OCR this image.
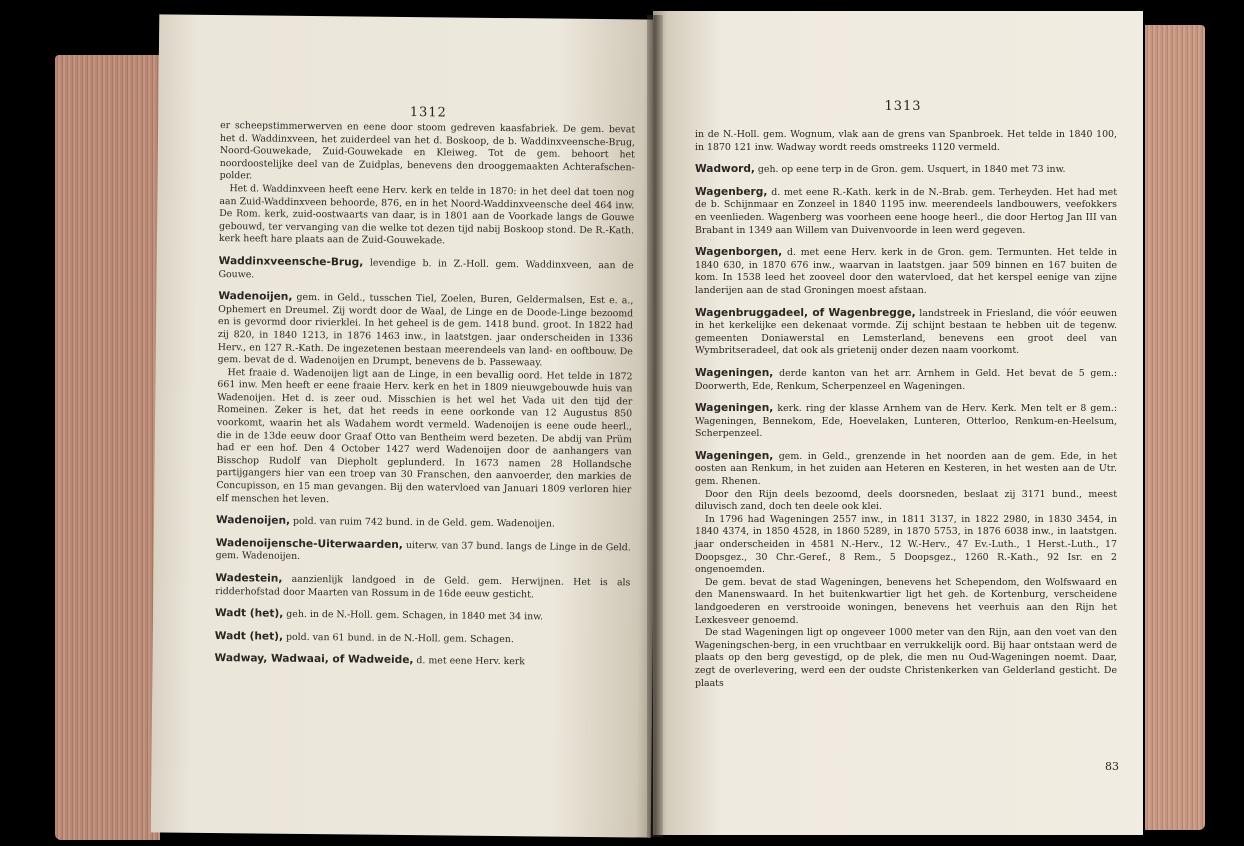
1312

er scheepstimmerwerven en eene door stoom gedreven kaasfabriek. De gem. bevat het d. Waddinxveen, het zuiderdeel van het d. Boskoop, de b. Waddinxveensche-Brug, Noord-Gouwekade, Zuid-Gouwekade en Kleiweg. Tot de gem. behoort het noordoostelijke deel van de Zuidplas, benevens den drooggemaakten Achterafschen-polder.

Het d. Waddinxveen heeft eene Herv. kerk en telde in 1870: in het deel dat toen nog aan Zuid-Waddinxveen behoorde, 876, en in het Noord-Waddinxveensche deel 464 inw. De Rom. kerk, zuid-oostwaarts van daar, is in 1801 aan de Voorkade langs de Gouwe gebouwd, ter vervanging van die welke tot dezen tijd nabij Boskoop stond. De R.-Kath. kerk heeft hare plaats aan de Zuid-Gouwekade.

Waddinxveensche-Brug, levendige b. in Z.-Holl. gem. Waddinxveen, aan de Gouwe.

Wadenoijen, gem. in Geld., tusschen Tiel, Zoelen, Buren, Geldermalsen, Est e. a., Ophemert en Dreumel. Zij wordt door de Waal, de Linge en de Doode-Linge bezoomd en is gevormd door rivierklei. In het geheel is de gem. 1418 bund. groot. In 1822 had zij 820, in 1840 1213, in 1876 1463 inw., in laatstgen. jaar onderscheiden in 1336 Herv., en 127 R.-Kath. De ingezetenen bestaan meerendeels van land- en ooftbouw. De gem. bevat de d. Wadenoijen en Drumpt, benevens de b. Passewaay.

Het fraaie d. Wadenoijen ligt aan de Linge, in een bevallig oord. Het telde in 1872 661 inw. Men heeft er eene fraaie Herv. kerk en het in 1809 nieuwgebouwde huis van Wadenoijen. Het d. is zeer oud. Misschien is het wel het Vada uit den tijd der Romeinen. Zeker is het, dat het reeds in eene oorkonde van 12 Augustus 850 voorkomt, waarin het als Wadahem wordt vermeld. Wadenoijen is eene oude heerl., die in de 13de eeuw door Graaf Otto van Bentheim werd bezeten. De abdij van Prüm had er een hof. Den 4 October 1427 werd Wadenoijen door de aanhangers van Bisschop Rudolf van Diepholt geplunderd. In 1673 namen 28 Hollandsche partijgangers hier van een troep van 30 Franschen, den aanvoerder, den markies de Concupisson, en 15 man gevangen. Bij den watervloed van Januari 1809 verloren hier elf menschen het leven.

Wadenoijen, pold. van ruim 742 bund. in de Geld. gem. Wadenoijen.

Wadenoijensche-Uiterwaarden, uiterw. van 37 bund. langs de Linge in de Geld. gem. Wadenoijen.

Wadestein, aanzienlijk landgoed in de Geld. gem. Herwijnen. Het is als ridderhofstad door Maarten van Rossum in de 16de eeuw gesticht.

Wadt (het), geh. in de N.-Holl. gem. Schagen, in 1840 met 34 inw.

Wadt (het), pold. van 61 bund. in de N.-Holl. gem. Schagen.

Wadway, Wadwaai, of Wadweide, d. met eene Herv. kerk

1313

in de N.-Holl. gem. Wognum, vlak aan de grens van Spanbroek. Het telde in 1840 100, in 1870 121 inw. Wadway wordt reeds omstreeks 1120 vermeld.

Wadword, geh. op eene terp in de Gron. gem. Usquert, in 1840 met 73 inw.

Wagenberg, d. met eene R.-Kath. kerk in de N.-Brab. gem. Terheyden. Het had met de b. Schijnmaar en Zonzeel in 1840 1195 inw. meerendeels landbouwers, veefokkers en veenlieden. Wagenberg was voorheen eene hooge heerl., die door Hertog Jan III van Brabant in 1349 aan Willem van Duivenvoorde in leen werd gegeven.

Wagenborgen, d. met eene Herv. kerk in de Gron. gem. Termunten. Het telde in 1840 630, in 1870 676 inw., waarvan in laatstgen. jaar 509 binnen en 167 buiten de kom. In 1538 leed het zooveel door den watervloed, dat het kerspel eenige van zijne landerijen aan de stad Groningen moest afstaan.

Wagenbruggadeel, of Wagenbregge, landstreek in Friesland, die vóór eeuwen in het kerkelijke een dekenaat vormde. Zij schijnt bestaan te hebben uit de tegenw. gemeenten Doniawerstal en Lemsterland, benevens een groot deel van Wymbritseradeel, dat ook als grietenij onder dezen naam voorkomt.

Wageningen, derde kanton van het arr. Arnhem in Geld. Het bevat de 5 gem.: Doorwerth, Ede, Renkum, Scherpenzeel en Wageningen.

Wageningen, kerk. ring der klasse Arnhem van de Herv. Kerk. Men telt er 8 gem.: Wageningen, Bennekom, Ede, Hoevelaken, Lunteren, Otterloo, Renkum-en-Heelsum, Scherpenzeel.

Wageningen, gem. in Geld., grenzende in het noorden aan de gem. Ede, in het oosten aan Renkum, in het zuiden aan Heteren en Kesteren, in het westen aan de Utr. gem. Rhenen.

Door den Rijn deels bezoomd, deels doorsneden, beslaat zij 3171 bund., meest diluvisch zand, doch ten deele ook klei.

In 1796 had Wageningen 2557 inw., in 1811 3137, in 1822 2980, in 1830 3454, in 1840 4374, in 1850 4528, in 1860 5289, in 1870 5753, in 1876 6038 inw., in laatstgen. jaar onderscheiden in 4581 N.-Herv., 12 W.-Herv., 47 Ev.-Luth., 1 Herst.-Luth., 17 Doopsgez., 30 Chr.-Geref., 8 Rem., 5 Doopsgez., 1260 R.-Kath., 92 Isr. en 2 ongenoemden.

De gem. bevat de stad Wageningen, benevens het Schependom, den Wolfswaard en den Manenswaard. In het buitenkwartier ligt het geh. de Kortenburg, verscheidene landgoederen en verstrooide woningen, benevens het veerhuis aan den Rijn het Lexkesveer genoemd.

De stad Wageningen ligt op ongeveer 1000 meter van den Rijn, aan den voet van den Wageningschen-berg, in een vruchtbaar en verrukkelijk oord. Bij haar ontstaan werd de plaats op den berg gevestigd, op de plek, die men nu Oud-Wageningen noemt. Daar, zegt de overlevering, werd een der oudste Christenkerken van Gelderland gesticht. De plaats

83
